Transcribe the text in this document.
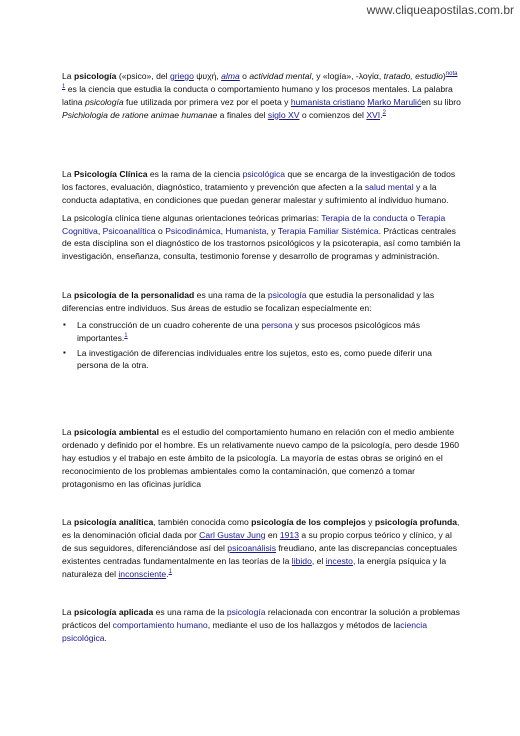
www.cliqueapostilas.com.br

La psicología («psico», del griego ψυχή, alma o actividad mental, y «logía», -λογία, tratado, estudio)$^{nota 1}$ es la ciencia que estudia la conducta o comportamiento humano y los procesos mentales. La palabra latina psicología fue utilizada por primera vez por el poeta y humanista cristiano Marko Marulićen su libro Psichiologia de ratione animae humanae a finales del siglo XV o comienzos del XVI.$^2$

La Psicología Clínica es la rama de la ciencia psicológica que se encarga de la investigación de todos los factores, evaluación, diagnóstico, tratamiento y prevención que afecten a la salud mental y a la conducta adaptativa, en condiciones que puedan generar malestar y sufrimiento al individuo humano.

La psicología clínica tiene algunas orientaciones teóricas primarias: Terapia de la conducta o Terapia Cognitiva, Psicoanalítica o Psicodinámica, Humanista, y Terapia Familiar Sistémica. Prácticas centrales de esta disciplina son el diagnóstico de los trastornos psicológicos y la psicoterapia, así como también la investigación, enseñanza, consulta, testimonio forense y desarrollo de programas y administración.

La psicología de la personalidad es una rama de la psicología que estudia la personalidad y las diferencias entre individuos. Sus áreas de estudio se focalizan especialmente en:

▪ La construcción de un cuadro coherente de una persona y sus procesos psicológicos más importantes.$^1$
▪ La investigación de diferencias individuales entre los sujetos, esto es, como puede diferir una persona de la otra.

La psicología ambiental es el estudio del comportamiento humano en relación con el medio ambiente ordenado y definido por el hombre. Es un relativamente nuevo campo de la psicología, pero desde 1960 hay estudios y el trabajo en este ámbito de la psicología. La mayoría de estas obras se originó en el reconocimiento de los problemas ambientales como la contaminación, que comenzó a tomar protagonismo en las oficinas jurídica

La psicología analítica, también conocida como psicología de los complejos y psicología profunda, es la denominación oficial dada por Carl Gustav Jung en 1913 a su propio corpus teórico y clínico, y al de sus seguidores, diferenciándose así del psicoanálisis freudiano, ante las discrepancias conceptuales existentes centradas fundamentalmente en las teorías de la libido, el incesto, la energía psíquica y la naturaleza del inconsciente.$^1$

La psicología aplicada es una rama de la psicología relacionada con encontrar la solución a problemas prácticos del comportamiento humano, mediante el uso de los hallazgos y métodos de laciencia psicológica.
